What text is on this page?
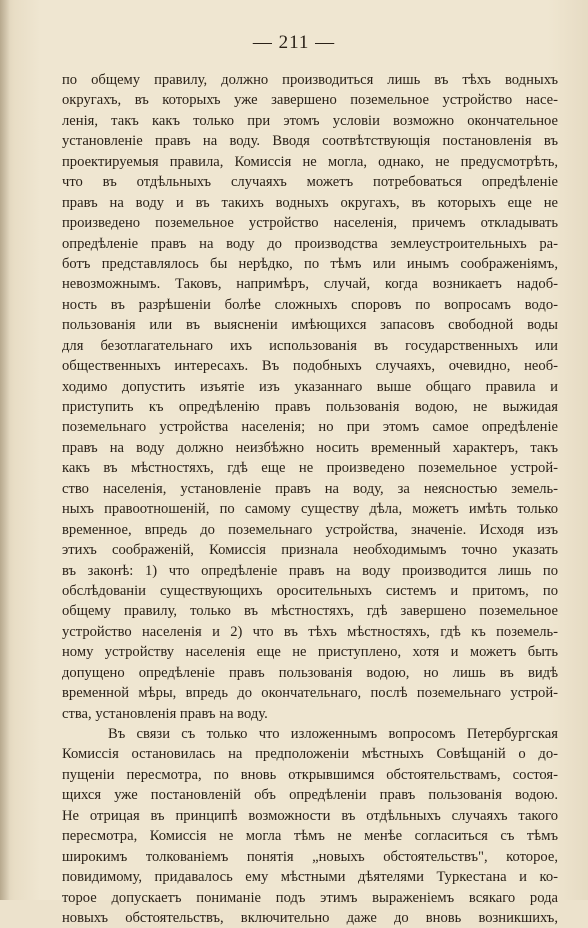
— 211 —
по общему правилу, должно производиться лишь въ тѣхъ водныхъ
округахъ, въ которыхъ уже завершено поземельное устройство насе-
ленія, такъ какъ только при этомъ условіи возможно окончательное
установленіе правъ на воду. Вводя соотвѣтствующія постановленія въ
проектируемыя правила, Комиссія не могла, однако, не предусмотрѣть,
что въ отдѣльныхъ случаяхъ можетъ потребоваться опредѣленіе
правъ на воду и въ такихъ водныхъ округахъ, въ которыхъ еще не
произведено поземельное устройство населенія, причемъ откладывать
опредѣленіе правъ на воду до производства землеустроительныхъ ра-
ботъ представлялось бы нерѣдко, по тѣмъ или инымъ соображеніямъ,
невозможнымъ. Таковъ, напримѣръ, случай, когда возникаетъ надоб-
ность въ разрѣшеніи болѣе сложныхъ споровъ по вопросамъ водо-
пользованія или въ выясненіи имѣющихся запасовъ свободной воды
для безотлагательнаго ихъ использованія въ государственныхъ или
общественныхъ интересахъ. Въ подобныхъ случаяхъ, очевидно, необ-
ходимо допустить изъятіе изъ указаннаго выше общаго правила и
приступить къ опредѣленію правъ пользованія водою, не выжидая
поземельнаго устройства населенія; но при этомъ самое опредѣленіе
правъ на воду должно неизбѣжно носить временный характеръ, такъ
какъ въ мѣстностяхъ, гдѣ еще не произведено поземельное устрой-
ство населенія, установленіе правъ на воду, за неясностью земель-
ныхъ правоотношеній, по самому существу дѣла, можетъ имѣть только
временное, впредь до поземельнаго устройства, значеніе. Исходя изъ
этихъ соображеній, Комиссія признала необходимымъ точно указать
въ законѣ: 1) что опредѣленіе правъ на воду производится лишь по
обслѣдованіи существующихъ оросительныхъ системъ и притомъ, по
общему правилу, только въ мѣстностяхъ, гдѣ завершено поземельное
устройство населенія и 2) что въ тѣхъ мѣстностяхъ, гдѣ къ поземель-
ному устройству населенія еще не приступлено, хотя и можетъ быть
допущено опредѣленіе правъ пользованія водою, но лишь въ видѣ
временной мѣры, впредь до окончательнаго, послѣ поземельнаго устрой-
ства, установленія правъ на воду.
Въ связи съ только что изложеннымъ вопросомъ Петербургская
Комиссія остановилась на предположеніи мѣстныхъ Совѣщаній о до-
пущеніи пересмотра, по вновь открывшимся обстоятельствамъ, состоя-
щихся уже постановленій объ опредѣленіи правъ пользованія водою.
Не отрицая въ принципѣ возможности въ отдѣльныхъ случаяхъ такого
пересмотра, Комиссія не могла тѣмъ не менѣе согласиться съ тѣмъ
широкимъ толкованіемъ понятія „новыхъ обстоятельствъ", которое,
повидимому, придавалось ему мѣстными дѣятелями Туркестана и ко-
торое допускаетъ пониманіе подъ этимъ выраженіемъ всякаго рода
новыхъ обстоятельствъ, включительно даже до вновь возникшихъ,
